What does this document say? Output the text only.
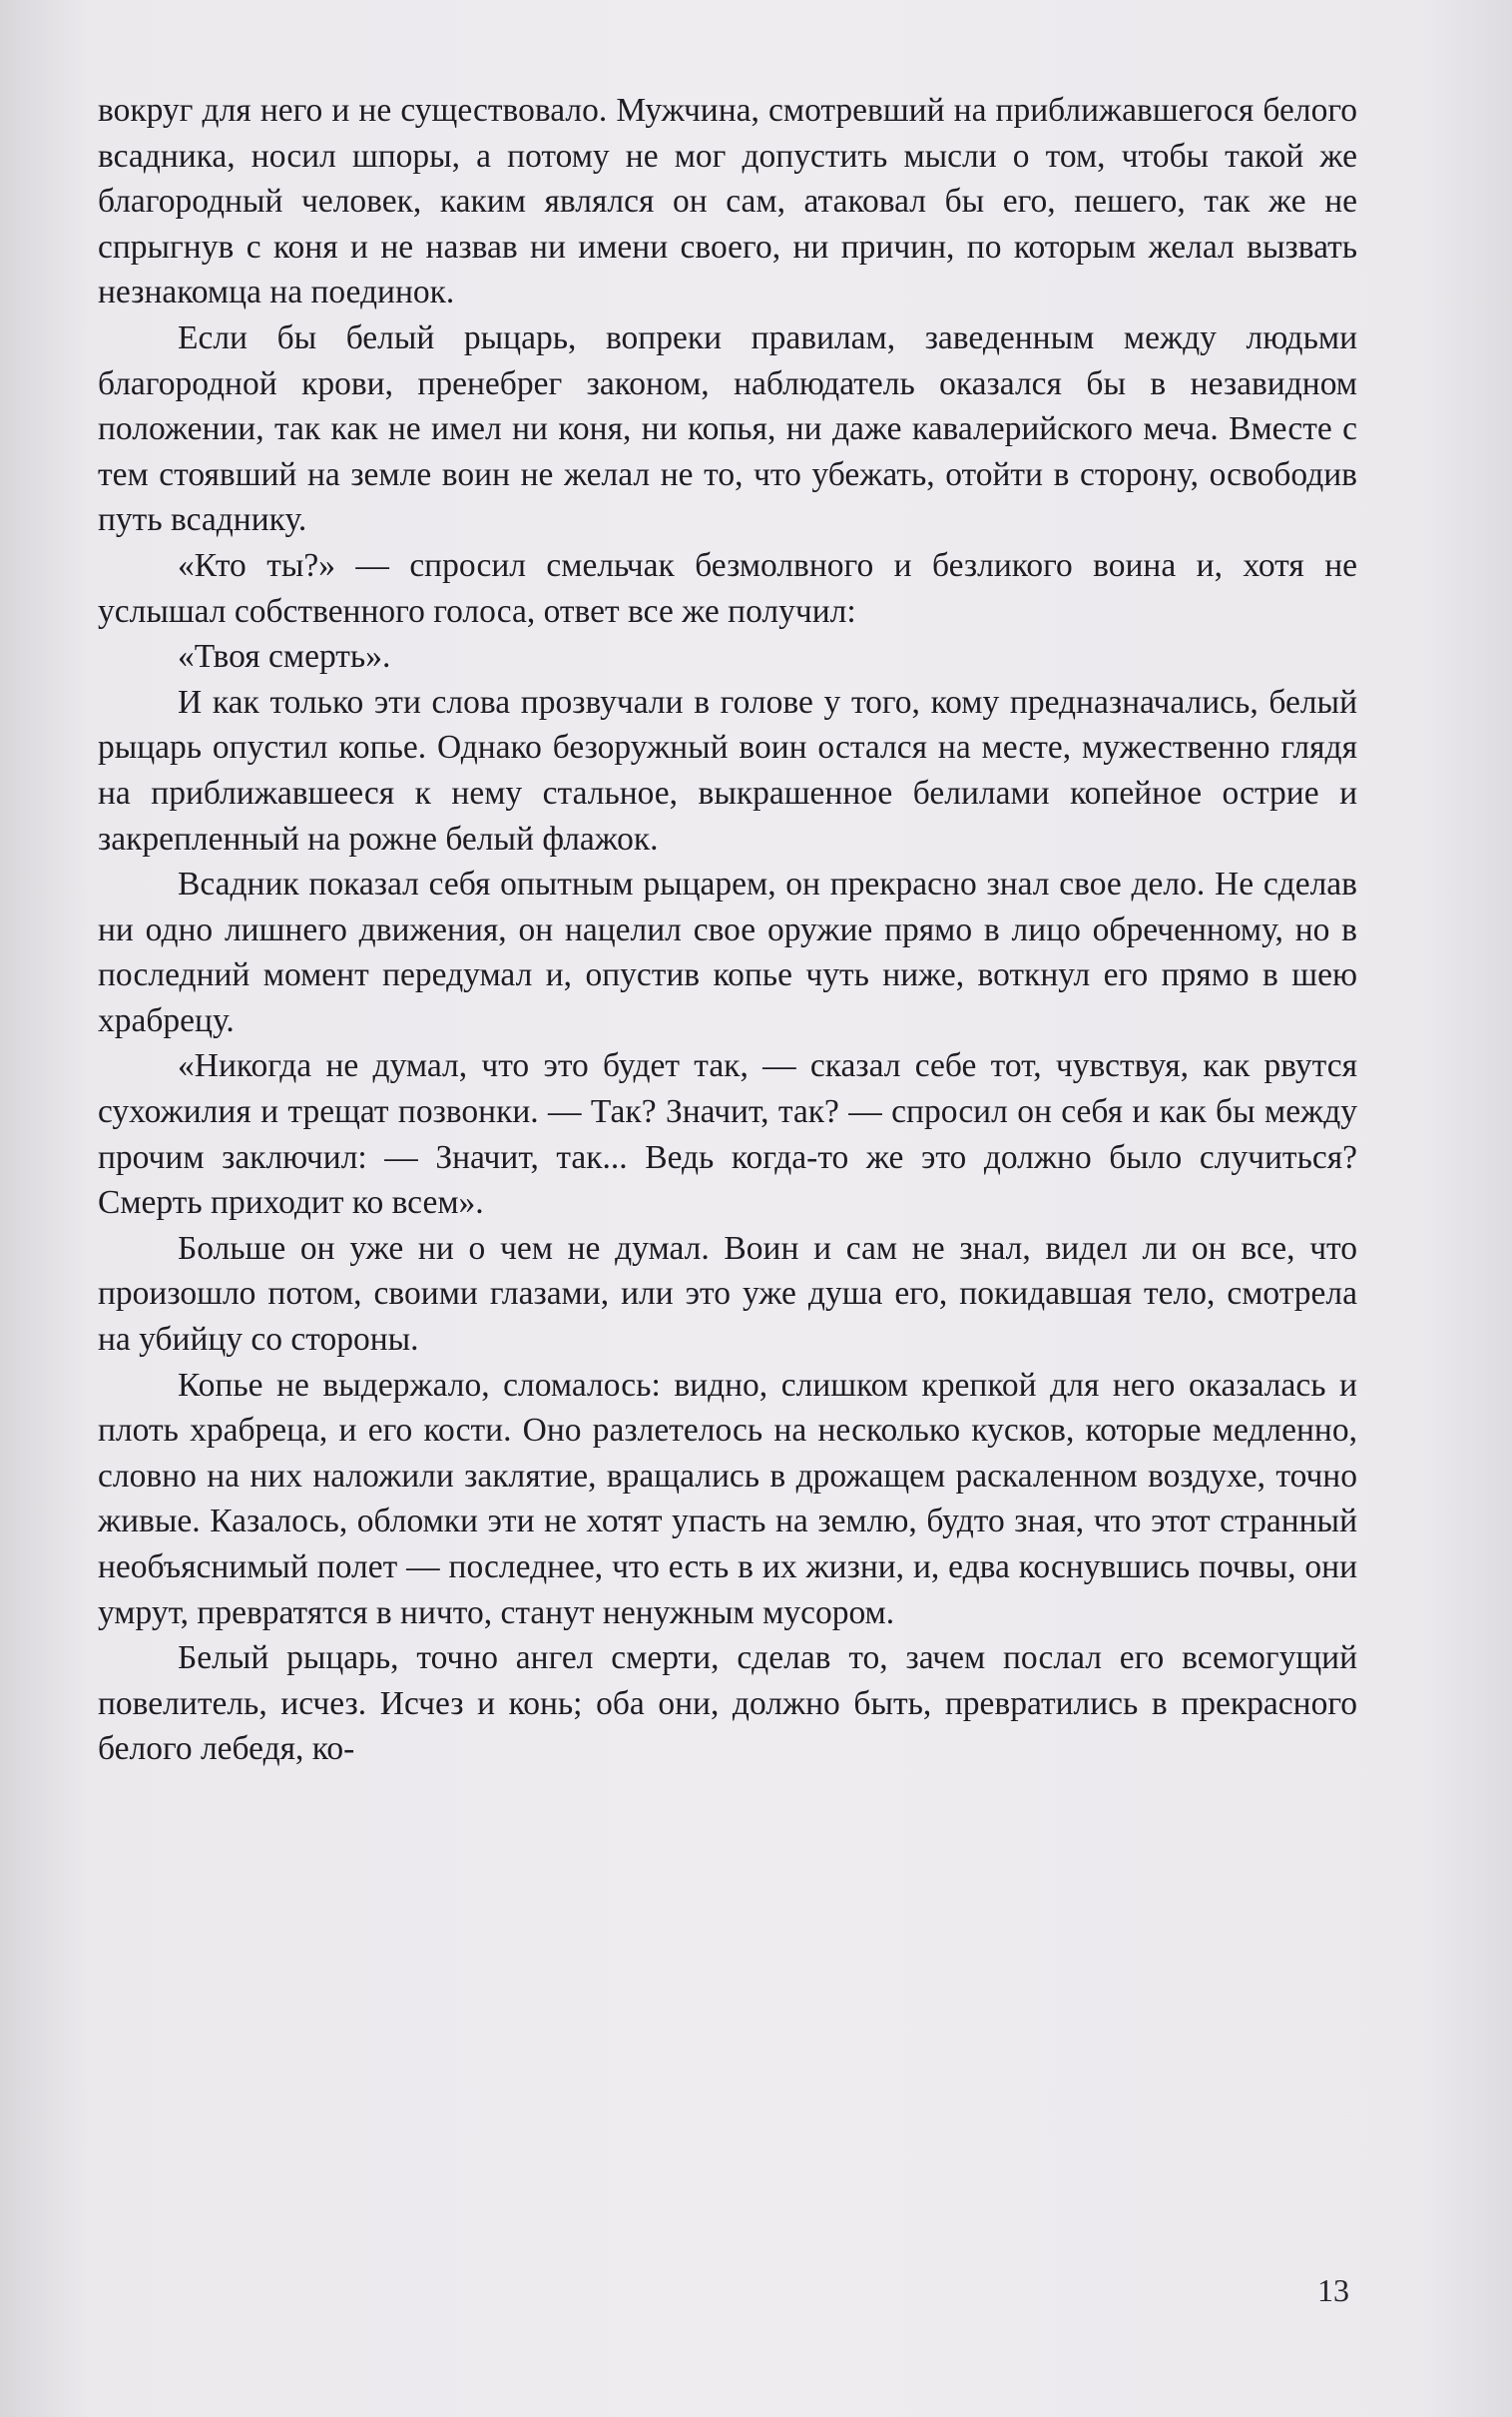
вокруг для него и не существовало. Мужчина, смотревший на приближавшегося белого всадника, носил шпоры, а потому не мог допустить мысли о том, чтобы такой же благородный человек, каким являлся он сам, атаковал бы его, пешего, так же не спрыгнув с коня и не назвав ни имени своего, ни причин, по которым желал вызвать незнакомца на поединок.

Если бы белый рыцарь, вопреки правилам, заведенным между людьми благородной крови, пренебрег законом, наблюдатель оказался бы в незавидном положении, так как не имел ни коня, ни копья, ни даже кавалерийского меча. Вместе с тем стоявший на земле воин не желал не то, что убежать, отойти в сторону, освободив путь всаднику.

«Кто ты?» — спросил смельчак безмолвного и безликого воина и, хотя не услышал собственного голоса, ответ все же получил:

«Твоя смерть».

И как только эти слова прозвучали в голове у того, кому предназначались, белый рыцарь опустил копье. Однако безоружный воин остался на месте, мужественно глядя на приближавшееся к нему стальное, выкрашенное белилами копейное острие и закрепленный на рожне белый флажок.

Всадник показал себя опытным рыцарем, он прекрасно знал свое дело. Не сделав ни одно лишнего движения, он нацелил свое оружие прямо в лицо обреченному, но в последний момент передумал и, опустив копье чуть ниже, воткнул его прямо в шею храбрецу.

«Никогда не думал, что это будет так, — сказал себе тот, чувствуя, как рвутся сухожилия и трещат позвонки. — Так? Значит, так? — спросил он себя и как бы между прочим заключил: — Значит, так... Ведь когда-то же это должно было случиться? Смерть приходит ко всем».

Больше он уже ни о чем не думал. Воин и сам не знал, видел ли он все, что произошло потом, своими глазами, или это уже душа его, покидавшая тело, смотрела на убийцу со стороны.

Копье не выдержало, сломалось: видно, слишком крепкой для него оказалась и плоть храбреца, и его кости. Оно разлетелось на несколько кусков, которые медленно, словно на них наложили заклятие, вращались в дрожащем раскаленном воздухе, точно живые. Казалось, обломки эти не хотят упасть на землю, будто зная, что этот странный необъяснимый полет — последнее, что есть в их жизни, и, едва коснувшись почвы, они умрут, превратятся в ничто, станут ненужным мусором.

Белый рыцарь, точно ангел смерти, сделав то, зачем послал его всемогущий повелитель, исчез. Исчез и конь; оба они, должно быть, превратились в прекрасного белого лебедя, ко-

13
